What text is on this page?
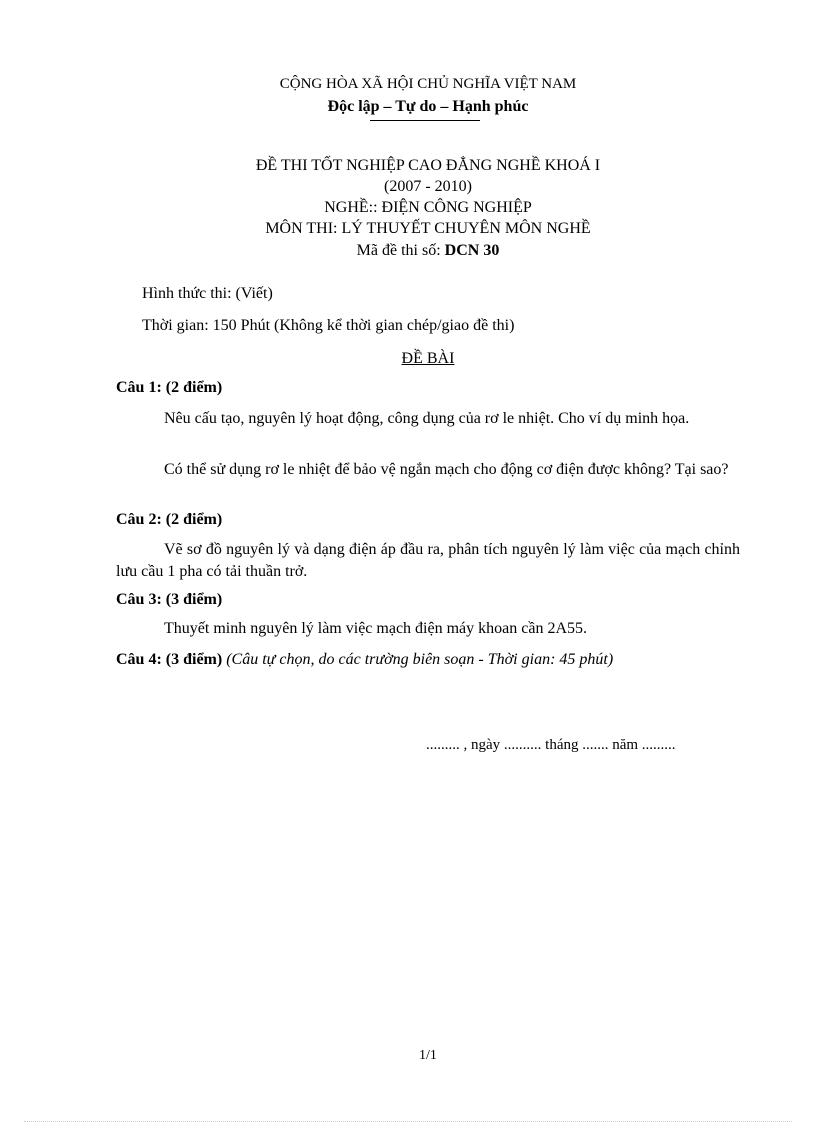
CỘNG HÒA XÃ HỘI CHỦ NGHĨA VIỆT NAM
Độc lập – Tự do – Hạnh phúc
ĐỀ THI TỐT NGHIỆP CAO ĐẲNG NGHỀ KHOÁ I
(2007 - 2010)
NGHỀ:: ĐIỆN CÔNG NGHIỆP
MÔN THI: LÝ THUYẾT CHUYÊN MÔN NGHỀ
Mã đề thi số: DCN 30
Hình thức thi: (Viết)
Thời gian: 150 Phút (Không kể thời gian chép/giao đề thi)
ĐỀ BÀI
Câu 1: (2 điểm)
Nêu cấu tạo, nguyên lý hoạt động, công dụng của rơ le nhiệt. Cho ví dụ minh họa.
Có thể sử dụng rơ le nhiệt để bảo vệ ngắn mạch cho động cơ điện được không? Tại sao?
Câu 2: (2 điểm)
Vẽ sơ đồ nguyên lý và dạng điện áp đầu ra, phân tích nguyên lý làm việc của mạch chỉnh lưu cầu 1 pha có tải thuần trở.
Câu 3: (3 điểm)
Thuyết minh nguyên lý làm việc mạch điện máy khoan cần 2A55.
Câu 4: (3 điểm) (Câu tự chọn, do các trường biên soạn - Thời gian: 45 phút)
......... , ngày .......... tháng ....... năm .........
1/1
